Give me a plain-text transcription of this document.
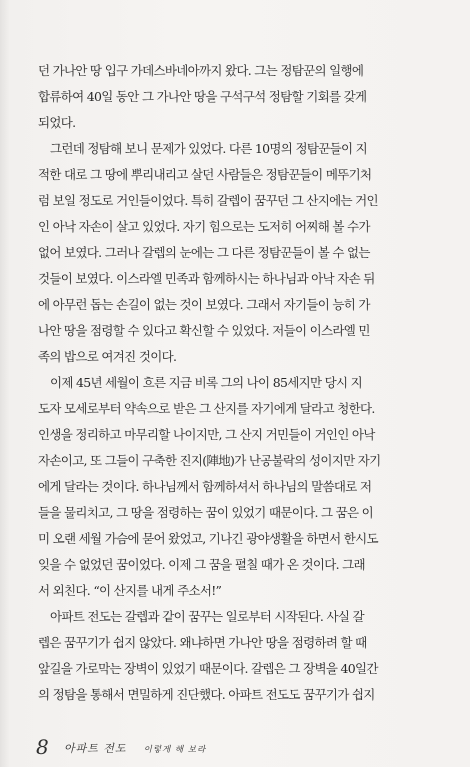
던 가나안 땅 입구 가데스바네아까지 왔다. 그는 정탐꾼의 일행에
합류하여 40일 동안 그 가나안 땅을 구석구석 정탐할 기회를 갖게
되었다.
그런데 정탐해 보니 문제가 있었다. 다른 10명의 정탐꾼들이 지
적한 대로 그 땅에 뿌리내리고 살던 사람들은 정탐꾼들이 메뚜기처
럼 보일 정도로 거인들이었다. 특히 갈렙이 꿈꾸던 그 산지에는 거인
인 아낙 자손이 살고 있었다. 자기 힘으로는 도저히 어찌해 볼 수가
없어 보였다. 그러나 갈렙의 눈에는 그 다른 정탐꾼들이 볼 수 없는
것들이 보였다. 이스라엘 민족과 함께하시는 하나님과 아낙 자손 뒤
에 아무런 돕는 손길이 없는 것이 보였다. 그래서 자기들이 능히 가
나안 땅을 점령할 수 있다고 확신할 수 있었다. 저들이 이스라엘 민
족의 밥으로 여겨진 것이다.
이제 45년 세월이 흐른 지금 비록 그의 나이 85세지만 당시 지
도자 모세로부터 약속으로 받은 그 산지를 자기에게 달라고 청한다.
인생을 정리하고 마무리할 나이지만, 그 산지 거민들이 거인인 아낙
자손이고, 또 그들이 구축한 진지(陣地)가 난공불락의 성이지만 자기
에게 달라는 것이다. 하나님께서 함께하셔서 하나님의 말씀대로 저
들을 물리치고, 그 땅을 점령하는 꿈이 있었기 때문이다. 그 꿈은 이
미 오랜 세월 가슴에 묻어 왔었고, 기나긴 광야생활을 하면서 한시도
잊을 수 없었던 꿈이었다. 이제 그 꿈을 펼칠 때가 온 것이다. 그래
서 외친다. “이 산지를 내게 주소서!”
아파트 전도는 갈렙과 같이 꿈꾸는 일로부터 시작된다. 사실 갈
렙은 꿈꾸기가 쉽지 않았다. 왜냐하면 가나안 땅을 점령하려 할 때
앞길을 가로막는 장벽이 있었기 때문이다. 갈렙은 그 장벽을 40일간
의 정탐을 통해서 면밀하게 진단했다. 아파트 전도도 꿈꾸기가 쉽지
8 아파트 전도 이렇게 해 보라
